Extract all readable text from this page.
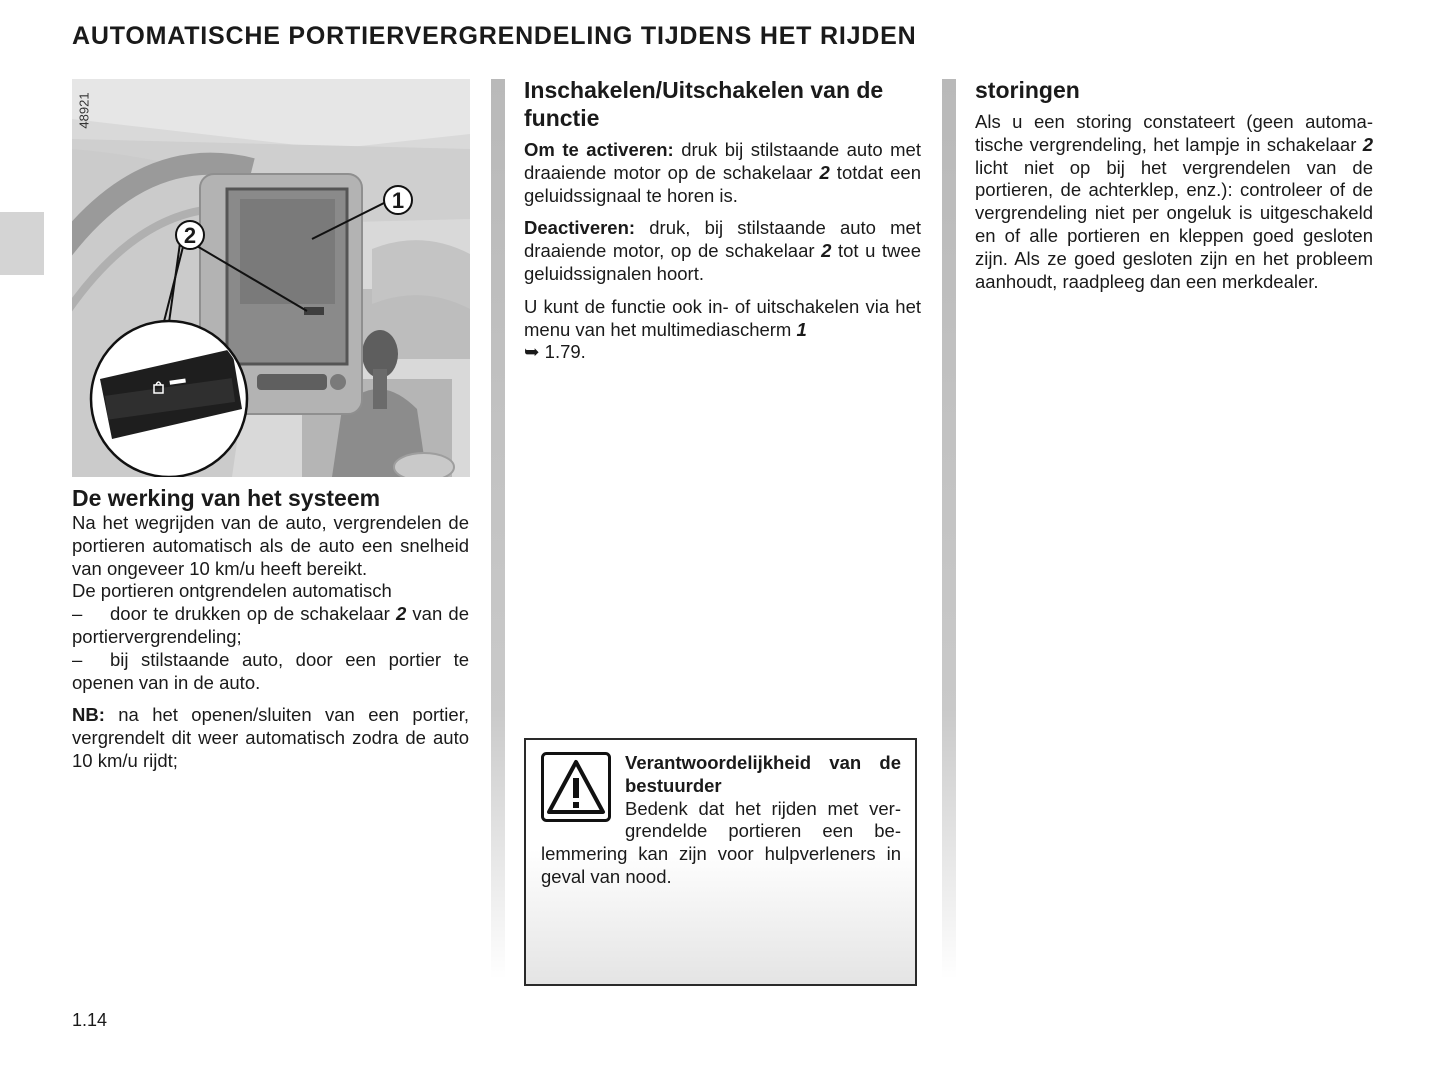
AUTOMATISCHE PORTIERVERGRENDELING TIJDENS HET RIJDEN
48921
1
2
De werking van het systeem

Na het wegrijden van de auto, vergrendelen de portieren automatisch als de auto een snelheid van ongeveer 10 km/u heeft bereikt.

De portieren ontgrendelen automatisch

– door te drukken op de schakelaar 2 van de portiervergrendeling;

– bij stilstaande auto, door een portier te openen van in de auto.

NB: na het openen/sluiten van een portier, vergrendelt dit weer automatisch zodra de auto 10 km/u rijdt;

Inschakelen/Uitschakelen van de functie

Om te activeren: druk bij stilstaande auto met draaiende motor op de schakelaar 2 totdat een geluidssignaal te horen is.

Deactiveren: druk, bij stilstaande auto met draaiende motor, op de schakelaar 2 tot u twee geluidssignalen hoort.

U kunt de functie ook in- of uitschakelen via het menu van het multimediascherm 1
➥ 1.79.

Verantwoordelijkheid van de bestuurder

Bedenk dat het rijden met vergrendelde portieren een belemmering kan zijn voor hulpverleners in geval van nood.

storingen

Als u een storing constateert (geen automatische vergrendeling, het lampje in schakelaar 2 licht niet op bij het vergrendelen van de portieren, de achterklep, enz.): controleer of de vergrendeling niet per ongeluk is uitgeschakeld en of alle portieren en kleppen goed gesloten zijn. Als ze goed gesloten zijn en het probleem aanhoudt, raadpleeg dan een merkdealer.

1.14
